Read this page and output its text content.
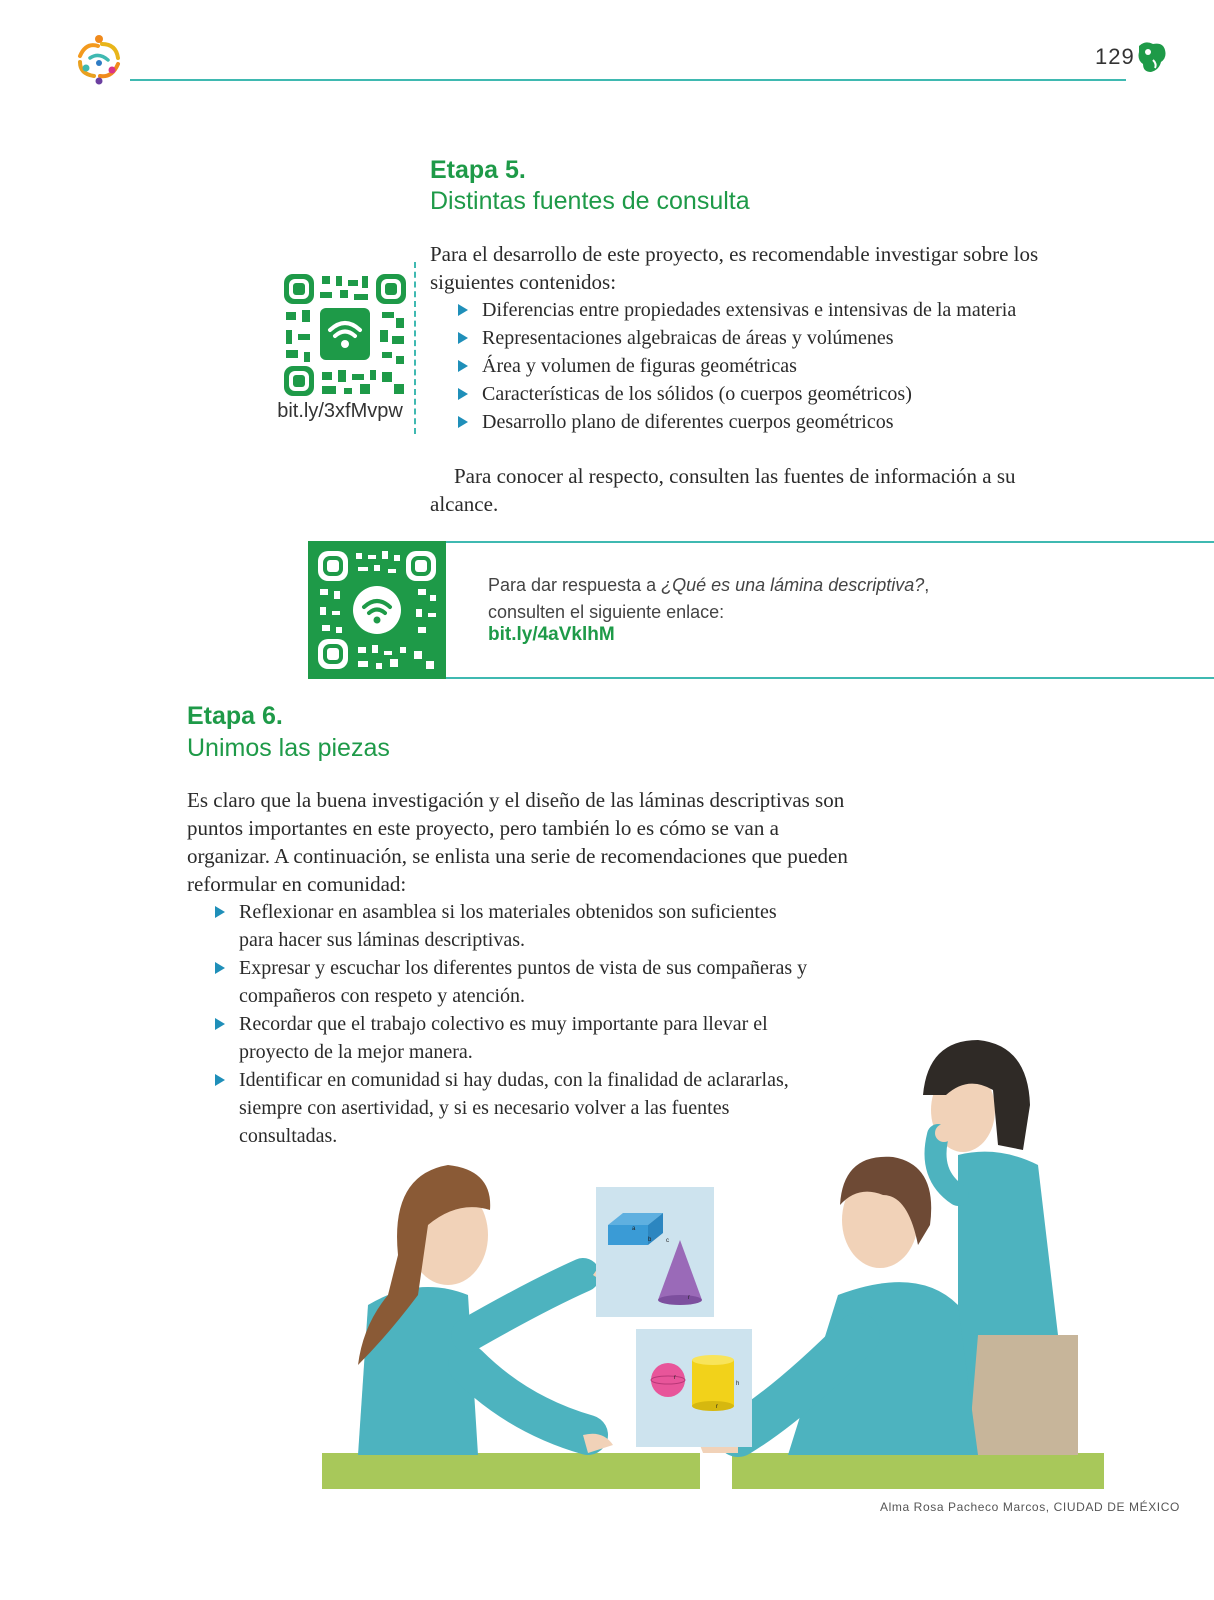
129
Etapa 5.
Distintas fuentes de consulta
bit.ly/3xfMvpw

Para el desarrollo de este proyecto, es recomendable investigar sobre los siguientes contenidos:

Diferencias entre propiedades extensivas e intensivas de la materia
Representaciones algebraicas de áreas y volúmenes
Área y volumen de figuras geométricas
Características de los sólidos (o cuerpos geométricos)
Desarrollo plano de diferentes cuerpos geométricos

Para conocer al respecto, consulten las fuentes de información a su alcance.

Para dar respuesta a ¿Qué es una lámina descriptiva?,
consulten el siguiente enlace:
bit.ly/4aVklhM
Etapa 6.
Unimos las piezas

Es claro que la buena investigación y el diseño de las láminas descriptivas son puntos importantes en este proyecto, pero también lo es cómo se van a organizar. A continuación, se enlista una serie de recomendaciones que pueden reformular en comunidad:

Reflexionar en asamblea si los materiales obtenidos son suficientes para hacer sus láminas descriptivas.
Expresar y escuchar los diferentes puntos de vista de sus compañeras y compañeros con respeto y atención.
Recordar que el trabajo colectivo es muy importante para llevar el proyecto de la mejor manera.
Identificar en comunidad si hay dudas, con la finalidad de aclararlas, siempre con asertividad, y si es necesario volver a las fuentes consultadas.
a
b c
r
r
h
r
Alma Rosa Pacheco Marcos, CIUDAD DE MÉXICO
